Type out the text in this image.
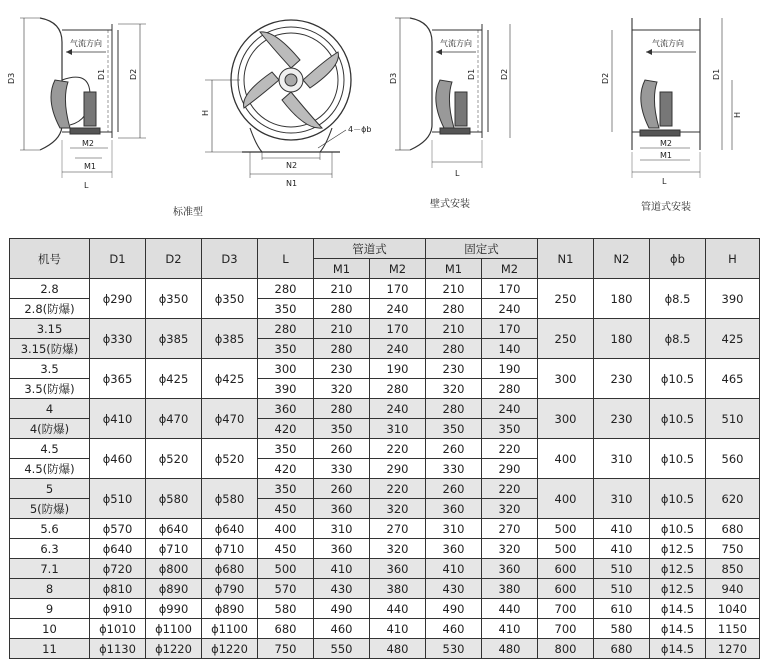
气流方向	气流方向	气流方向
D3	D1	D2
M2
M1
L
H
N2
N1
4－ϕb
D3	D1	D2
L
D2	D1
H
M2
M1
L
标准型
壁式安装	管道式安装
机号	D1	D2	D3	L	管道式		固定式		N1	N2	ϕb	H
					M1	M2	M1	M2				
2.8	ϕ290	ϕ350	ϕ350	280	210	170	210	170	250	180	ϕ8.5	390
2.8(防爆)				350	280	240	280	240				
3.15	ϕ330	ϕ385	ϕ385	280	210	170	210	170	250	180	ϕ8.5	425
3.15(防爆)				350	280	240	280	140				
3.5	ϕ365	ϕ425	ϕ425	300	230	190	230	190	300	230	ϕ10.5	465
3.5(防爆)				390	320	280	320	280				
4	ϕ410	ϕ470	ϕ470	360	280	240	280	240	300	230	ϕ10.5	510
4(防爆)				420	350	310	350	350				
4.5	ϕ460	ϕ520	ϕ520	350	260	220	260	220	400	310	ϕ10.5	560
4.5(防爆)				420	330	290	330	290				
5	ϕ510	ϕ580	ϕ580	350	260	220	260	220	400	310	ϕ10.5	620
5(防爆)				450	360	320	360	320				
5.6	ϕ570	ϕ640	ϕ640	400	310	270	310	270	500	410	ϕ10.5	680
6.3	ϕ640	ϕ710	ϕ710	450	360	320	360	320	500	410	ϕ12.5	750
7.1	ϕ720	ϕ800	ϕ680	500	410	360	410	360	600	510	ϕ12.5	850
8	ϕ810	ϕ890	ϕ790	570	430	380	430	380	600	510	ϕ12.5	940
9	ϕ910	ϕ990	ϕ890	580	490	440	490	440	700	610	ϕ14.5	1040
10	ϕ1010	ϕ1100	ϕ1100	680	460	410	460	410	700	580	ϕ14.5	1150
11	ϕ1130	ϕ1220	ϕ1220	750	550	480	530	480	800	680	ϕ14.5	1270
